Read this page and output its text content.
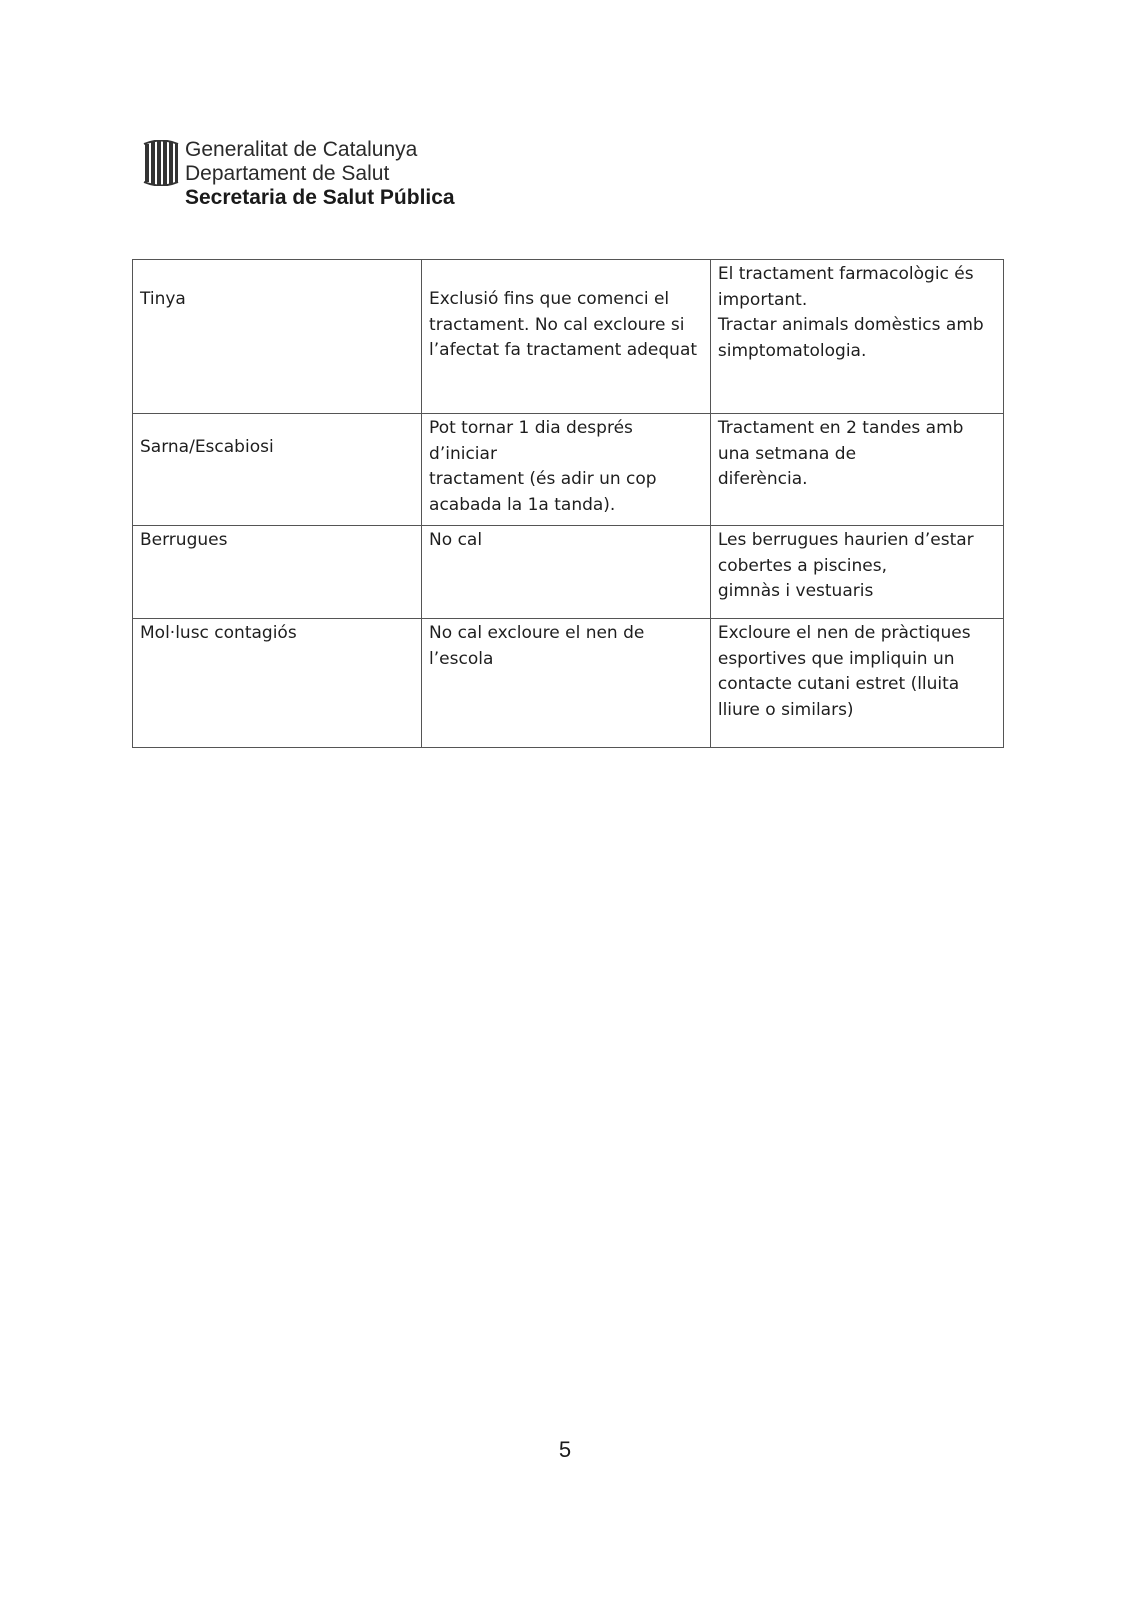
Generalitat de Catalunya
Departament de Salut
Secretaria de Salut Pública
Tinya	Exclusió fins que comenci el
tractament. No cal excloure si
l’afectat fa tractament adequat	El tractament farmacològic és
important.
Tractar animals domèstics amb
simptomatologia.

Sarna/Escabiosi	Pot tornar 1 dia després d’iniciar
tractament (és adir un cop
acabada la 1a tanda).	Tractament en 2 tandes amb
una setmana de
diferència.

Berrugues	No cal	Les berrugues haurien d’estar
cobertes a piscines,
gimnàs i vestuaris

Mol·lusc contagiós	No cal excloure el nen de
l’escola	Excloure el nen de pràctiques
esportives que impliquin un
contacte cutani estret (lluita
lliure o similars)
5
